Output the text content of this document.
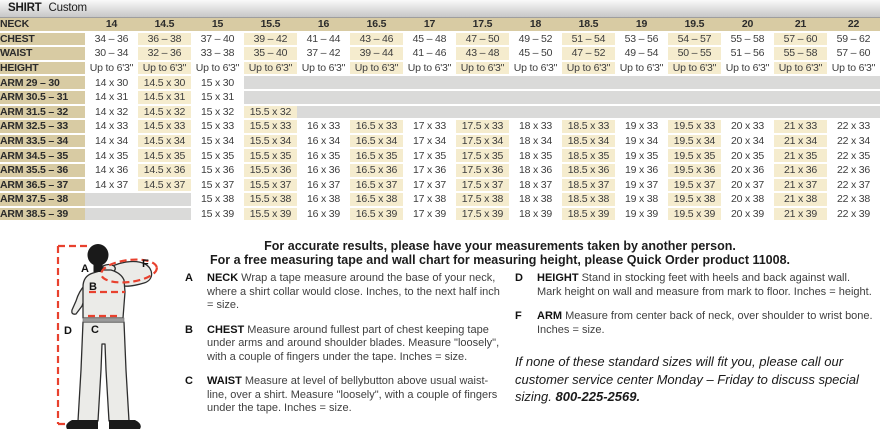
SHIRT Custom
NECK	14	14.5	15	15.5	16	16.5	17	17.5	18	18.5	19	19.5	20	21	22
CHEST	34 – 36	36 – 38	37 – 40	39 – 42	41 – 44	43 – 46	45 – 48	47 – 50	49 – 52	51 – 54	53 – 56	54 – 57	55 – 58	57 – 60	59 – 62
WAIST	30 – 34	32 – 36	33 – 38	35 – 40	37 – 42	39 – 44	41 – 46	43 – 48	45 – 50	47 – 52	49 – 54	50 – 55	51 – 56	55 – 58	57 – 60
HEIGHT	Up to 6'3"	Up to 6'3"	Up to 6'3"	Up to 6'3"	Up to 6'3"	Up to 6'3"	Up to 6'3"	Up to 6'3"	Up to 6'3"	Up to 6'3"	Up to 6'3"	Up to 6'3"	Up to 6'3"	Up to 6'3"	Up to 6'3"
ARM 29 – 30	14 x 30	14.5 x 30	15 x 30												
ARM 30.5 – 31	14 x 31	14.5 x 31	15 x 31												
ARM 31.5 – 32	14 x 32	14.5 x 32	15 x 32	15.5 x 32											
ARM 32.5 – 33	14 x 33	14.5 x 33	15 x 33	15.5 x 33	16 x 33	16.5 x 33	17 x 33	17.5 x 33	18 x 33	18.5 x 33	19 x 33	19.5 x 33	20 x 33	21 x 33	22 x 33
ARM 33.5 – 34	14 x 34	14.5 x 34	15 x 34	15.5 x 34	16 x 34	16.5 x 34	17 x 34	17.5 x 34	18 x 34	18.5 x 34	19 x 34	19.5 x 34	20 x 34	21 x 34	22 x 34
ARM 34.5 – 35	14 x 35	14.5 x 35	15 x 35	15.5 x 35	16 x 35	16.5 x 35	17 x 35	17.5 x 35	18 x 35	18.5 x 35	19 x 35	19.5 x 35	20 x 35	21 x 35	22 x 35
ARM 35.5 – 36	14 x 36	14.5 x 36	15 x 36	15.5 x 36	16 x 36	16.5 x 36	17 x 36	17.5 x 36	18 x 36	18.5 x 36	19 x 36	19.5 x 36	20 x 36	21 x 36	22 x 36
ARM 36.5 – 37	14 x 37	14.5 x 37	15 x 37	15.5 x 37	16 x 37	16.5 x 37	17 x 37	17.5 x 37	18 x 37	18.5 x 37	19 x 37	19.5 x 37	20 x 37	21 x 37	22 x 37
ARM 37.5 – 38			15 x 38	15.5 x 38	16 x 38	16.5 x 38	17 x 38	17.5 x 38	18 x 38	18.5 x 38	19 x 38	19.5 x 38	20 x 38	21 x 38	22 x 38
ARM 38.5 – 39			15 x 39	15.5 x 39	16 x 39	16.5 x 39	17 x 39	17.5 x 39	18 x 39	18.5 x 39	19 x 39	19.5 x 39	20 x 39	21 x 39	22 x 39
A
B
C
D
F
For accurate results, please have your measurements taken by another person.
For a free measuring tape and wall chart for measuring height, please Quick Order product 11008.
A	NECK Wrap a tape measure around the base of your neck, where a shirt collar would close. Inches, to the next half inch = size.

B	CHEST Measure around fullest part of chest keeping tape under arms and around shoulder blades. Measure "loosely", with a couple of fingers under the tape. Inches = size.

C	WAIST Measure at level of bellybutton above usual waist-line, over a shirt. Measure "loosely", with a couple of fingers under the tape. Inches = size.

D	HEIGHT Stand in stocking feet with heels and back against wall. Mark height on wall and measure from mark to floor. Inches = height.

F	ARM Measure from center back of neck, over shoulder to wrist bone. Inches = size.

If none of these standard sizes will fit you, please call our customer service center Monday – Friday to discuss special sizing. 800-225-2569.
